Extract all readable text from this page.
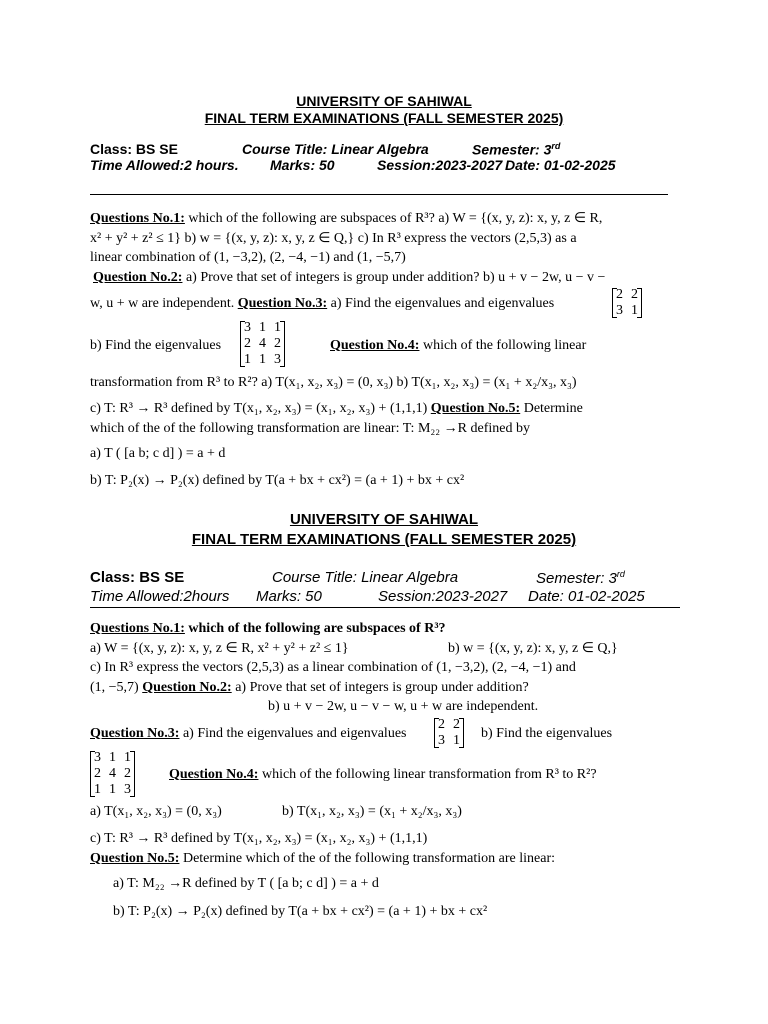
UNIVERSITY OF SAHIWAL
FINAL TERM EXAMINATIONS (FALL SEMESTER 2025)
Class: BS SE	Course Title: Linear Algebra	Semester: 3rd
Time Allowed:2 hours. Marks: 50	Session:2023-2027 Date: 01-02-2025
Questions No.1: which of the following are subspaces of R³? a) W = {(x, y, z): x, y, z ∈ R,
x² + y² + z² ≤ 1} b) w = {(x, y, z): x, y, z ∈ Q,} c) In R³ express the vectors (2,5,3) as a
linear combination of (1, −3,2), (2, −4, −1) and (1, −5,7)
Question No.2: a) Prove that set of integers is group under addition? b) u + v − 2w, u − v −
w, u + w are independent. Question No.3: a) Find the eigenvalues and eigenvalues
2 2
3 1
b) Find the eigenvalues
3 1 1
2 4 2
1 1 3
Question No.4: which of the following linear
transformation from R³ to R²? a) T(x₁, x₂, x₃) = (0, x₃) b) T(x₁, x₂, x₃) = (x₁ + x₂/x₃, x₃)
c) T: R³ → R³ defined by T(x₁, x₂, x₃) = (x₁, x₂, x₃) + (1,1,1) Question No.5: Determine
which of the of the following transformation are linear: T: M₂₂ →R defined by
a) T ( [a b; c d] ) = a + d
b) T: P₂(x) → P₂(x) defined by T(a + bx + cx²) = (a + 1) + bx + cx²
UNIVERSITY OF SAHIWAL
FINAL TERM EXAMINATIONS (FALL SEMESTER 2025)
Class: BS SE	Course Title: Linear Algebra	Semester: 3rd
Time Allowed:2hours Marks: 50	Session:2023-2027 Date: 01-02-2025
Questions No.1: which of the following are subspaces of R³?
a) W = {(x, y, z): x, y, z ∈ R, x² + y² + z² ≤ 1}	b) w = {(x, y, z): x, y, z ∈ Q,}
c) In R³ express the vectors (2,5,3) as a linear combination of (1, −3,2), (2, −4, −1) and
(1, −5,7) Question No.2: a) Prove that set of integers is group under addition?
b) u + v − 2w, u − v − w, u + w are independent.
Question No.3: a) Find the eigenvalues and eigenvalues
2 2
3 1 b) Find the eigenvalues
3 1 1
2 4 2
1 1 3
Question No.4: which of the following linear transformation from R³ to R²?
a) T(x₁, x₂, x₃) = (0, x₃)	b) T(x₁, x₂, x₃) = (x₁ + x₂/x₃, x₃)
c) T: R³ → R³ defined by T(x₁, x₂, x₃) = (x₁, x₂, x₃) + (1,1,1)
Question No.5: Determine which of the of the following transformation are linear:
a) T: M₂₂ →R defined by T ( [a b; c d] ) = a + d
b) T: P₂(x) → P₂(x) defined by T(a + bx + cx²) = (a + 1) + bx + cx²
